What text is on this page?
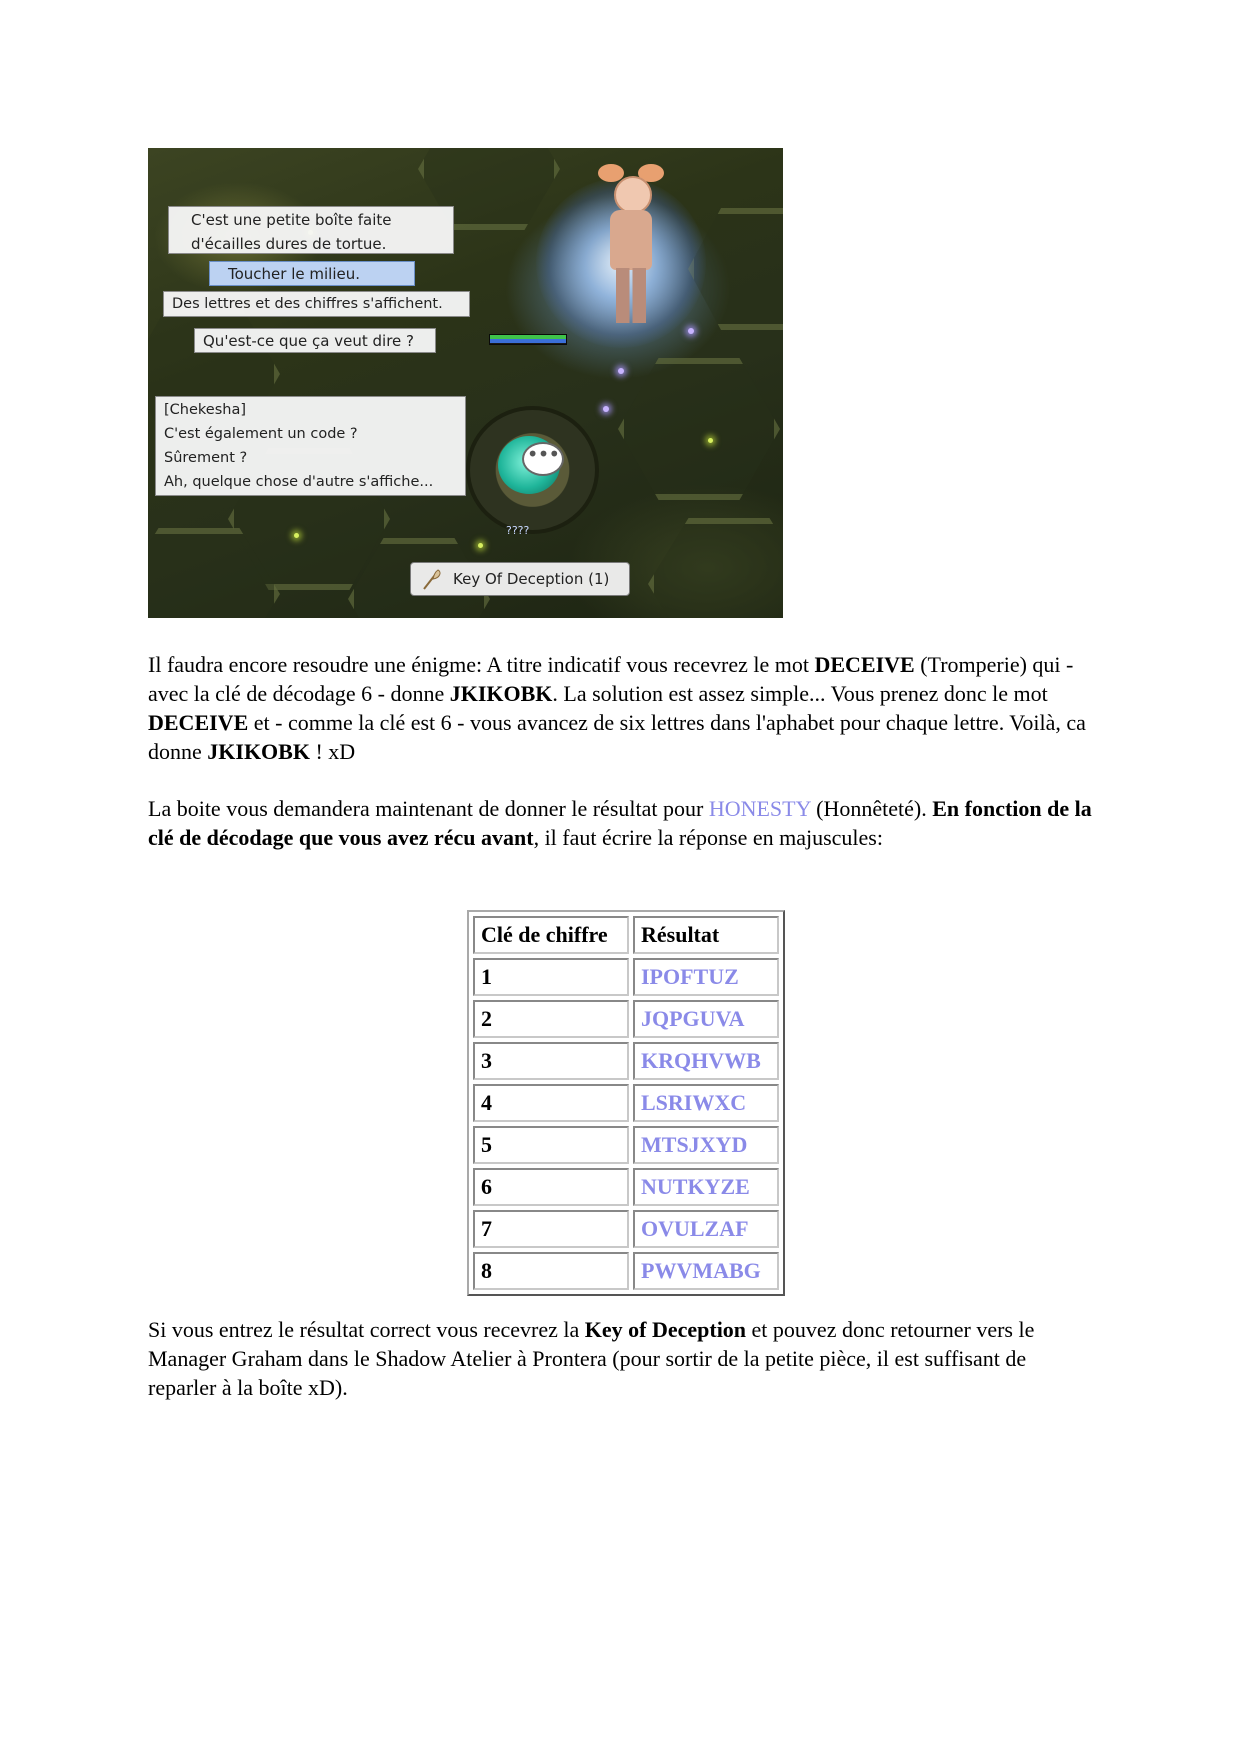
•••
????
C'est une petite boîte faite
d'écailles dures de tortue.
Toucher le milieu.
Des lettres et des chiffres s'affichent.
Qu'est-ce que ça veut dire ?
[Chekesha]
C'est également un code ?
Sûrement ?
Ah, quelque chose d'autre s'affiche...
Key Of Deception (1)

Il faudra encore resoudre une énigme: A titre indicatif vous recevrez le mot DECEIVE (Tromperie) qui - avec la clé de décodage 6 - donne JKIKOBK. La solution est assez simple... Vous prenez donc le mot DECEIVE et - comme la clé est 6 - vous avancez de six lettres dans l'aphabet pour chaque lettre. Voilà, ca donne JKIKOBK ! xD

La boite vous demandera maintenant de donner le résultat pour HONESTY (Honnêteté). En fonction de la clé de décodage que vous avez récu avant, il faut écrire la réponse en majuscules:

Clé de chiffre	Résultat
1	IPOFTUZ
2	JQPGUVA
3	KRQHVWB
4	LSRIWXC
5	MTSJXYD
6	NUTKYZE
7	OVULZAF
8	PWVMABG

Si vous entrez le résultat correct vous recevrez la Key of Deception et pouvez donc retourner vers le Manager Graham dans le Shadow Atelier à Prontera (pour sortir de la petite pièce, il est suffisant de reparler à la boîte xD).
